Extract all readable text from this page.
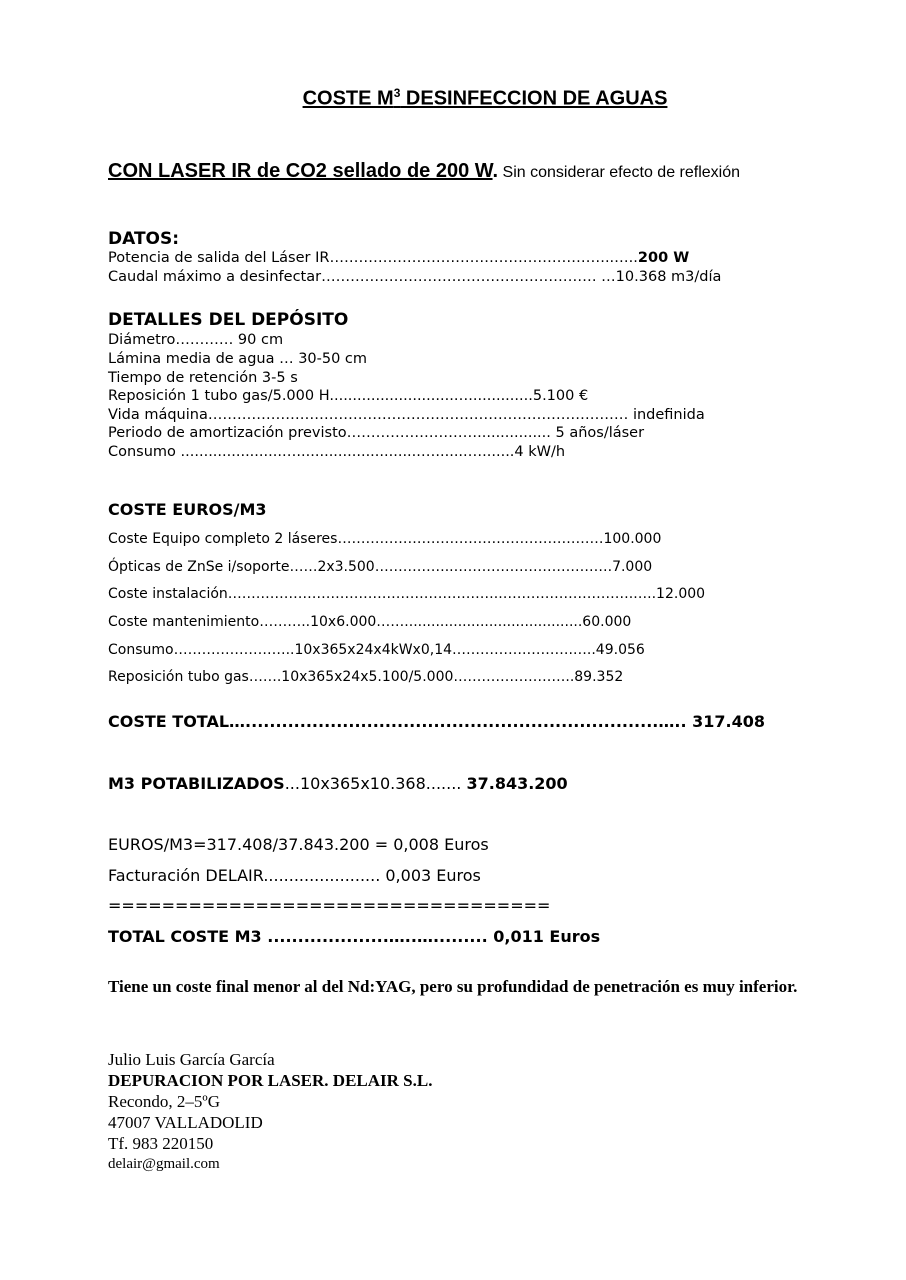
COSTE $M^3$ DESINFECCION DE AGUAS
CON LASER IR de CO2 sellado de 200 W. Sin considerar efecto de reflexión
DATOS:
Potencia de salida del Láser IR…………………………………………………..…..200 W
Caudal máximo a desinfectar………………………………………………… …10.368 m3/día
DETALLES DEL DEPÓSITO
Diámetro………… 90 cm
Lámina media de agua … 30-50 cm
Tiempo de retención 3-5 s
Reposición 1 tubo gas/5.000 H...........................…..............5.100 €
Vida máquina…………………………………………………………………………… indefinida
Periodo de amortización previsto………………………................ 5 años/láser
Consumo ......................…...........................….......….......4 kW/h
COSTE EUROS/M3
Coste Equipo completo 2 láseres…………………………………………………100.000
Ópticas de ZnSe i/soporte……2x3.500……………..…………………………….7.000
Coste instalación…………………………………………………..……………………….…..12.000
Coste mantenimiento………..10x6.000……........................................60.000
Consumo……………………..10x365x24x4kWx0,14…………….……….…..49.056
Reposición tubo gas…….10x365x24x5.100/5.000……………………..89.352
COSTE TOTAL…....................................................................….. 317.408
M3 POTABILIZADOS...10x365x10.368....... 37.843.200
EUROS/M3=317.408/37.843.200 = 0,008 Euros
Facturación DELAIR....................... 0,003 Euros
=================================
TOTAL COSTE M3 ....................…..…......... 0,011 Euros
Tiene un coste final menor al del Nd:YAG, pero su profundidad de penetración es muy inferior.
Julio Luis García García
DEPURACION POR LASER. DELAIR S.L.
Recondo, 2–5ºG
47007 VALLADOLID
Tf. 983 220150
delair@gmail.com
